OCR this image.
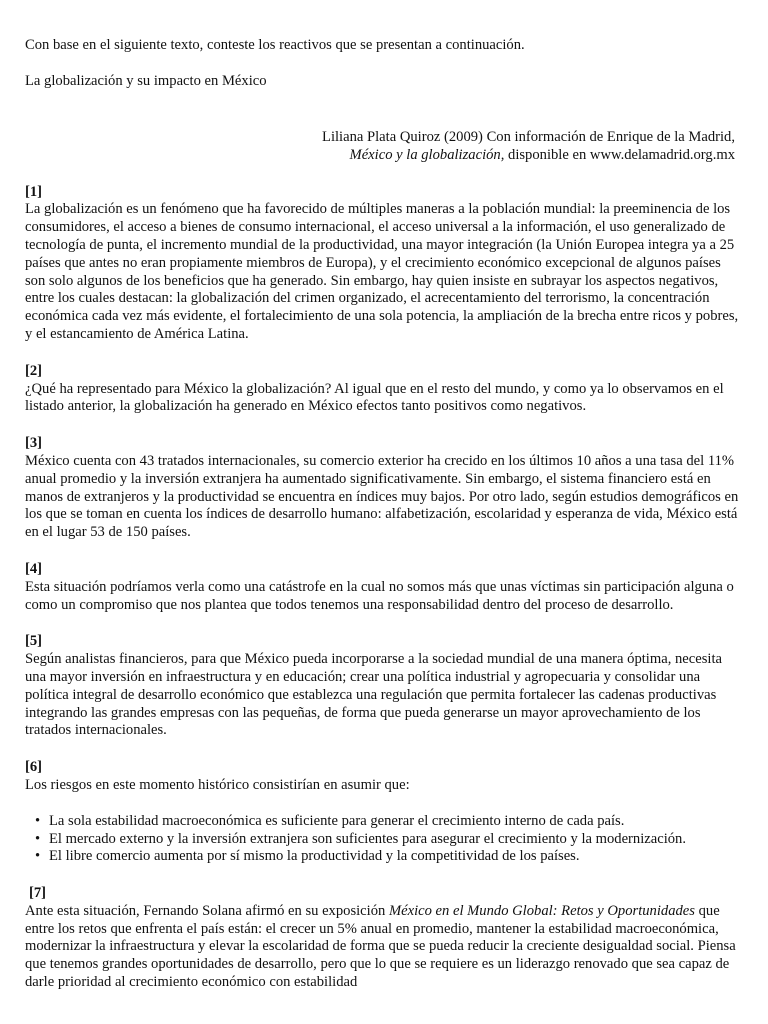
Con base en el siguiente texto, conteste los reactivos que se presentan a continuación.

La globalización y su impacto en México

Liliana Plata Quiroz (2009) Con información de Enrique de la Madrid,
México y la globalización, disponible en www.delamadrid.org.mx
[1]

La globalización es un fenómeno que ha favorecido de múltiples maneras a la población mundial: la preeminencia de los consumidores, el acceso a bienes de consumo internacional, el acceso universal a la información, el uso generalizado de tecnología de punta, el incremento mundial de la productividad, una mayor integración (la Unión Europea integra ya a 25 países que antes no eran propiamente miembros de Europa), y el crecimiento económico excepcional de algunos países son solo algunos de los beneficios que ha generado. Sin embargo, hay quien insiste en subrayar los aspectos negativos, entre los cuales destacan: la globalización del crimen organizado, el acrecentamiento del terrorismo, la concentración económica cada vez más evidente, el fortalecimiento de una sola potencia, la ampliación de la brecha entre ricos y pobres, y el estancamiento de América Latina.

[2]

¿Qué ha representado para México la globalización? Al igual que en el resto del mundo, y como ya lo observamos en el listado anterior, la globalización ha generado en México efectos tanto positivos como negativos.

[3]

México cuenta con 43 tratados internacionales, su comercio exterior ha crecido en los últimos 10 años a una tasa del 11% anual promedio y la inversión extranjera ha aumentado significativamente. Sin embargo, el sistema financiero está en manos de extranjeros y la productividad se encuentra en índices muy bajos. Por otro lado, según estudios demográficos en los que se toman en cuenta los índices de desarrollo humano: alfabetización, escolaridad y esperanza de vida, México está en el lugar 53 de 150 países.

[4]

Esta situación podríamos verla como una catástrofe en la cual no somos más que unas víctimas sin participación alguna o como un compromiso que nos plantea que todos tenemos una responsabilidad dentro del proceso de desarrollo.

[5]

Según analistas financieros, para que México pueda incorporarse a la sociedad mundial de una manera óptima, necesita una mayor inversión en infraestructura y en educación; crear una política industrial y agropecuaria y consolidar una política integral de desarrollo económico que establezca una regulación que permita fortalecer las cadenas productivas integrando las grandes empresas con las pequeñas, de forma que pueda generarse un mayor aprovechamiento de los tratados internacionales.

[6]

Los riesgos en este momento histórico consistirían en asumir que:

• La sola estabilidad macroeconómica es suficiente para generar el crecimiento interno de cada país.
• El mercado externo y la inversión extranjera son suficientes para asegurar el crecimiento y la modernización.
• El libre comercio aumenta por sí mismo la productividad y la competitividad de los países.
[7]

Ante esta situación, Fernando Solana afirmó en su exposición México en el Mundo Global: Retos y Oportunidades que entre los retos que enfrenta el país están: el crecer un 5% anual en promedio, mantener la estabilidad macroeconómica, modernizar la infraestructura y elevar la escolaridad de forma que se pueda reducir la creciente desigualdad social. Piensa que tenemos grandes oportunidades de desarrollo, pero que lo que se requiere es un liderazgo renovado que sea capaz de darle prioridad al crecimiento económico con estabilidad
